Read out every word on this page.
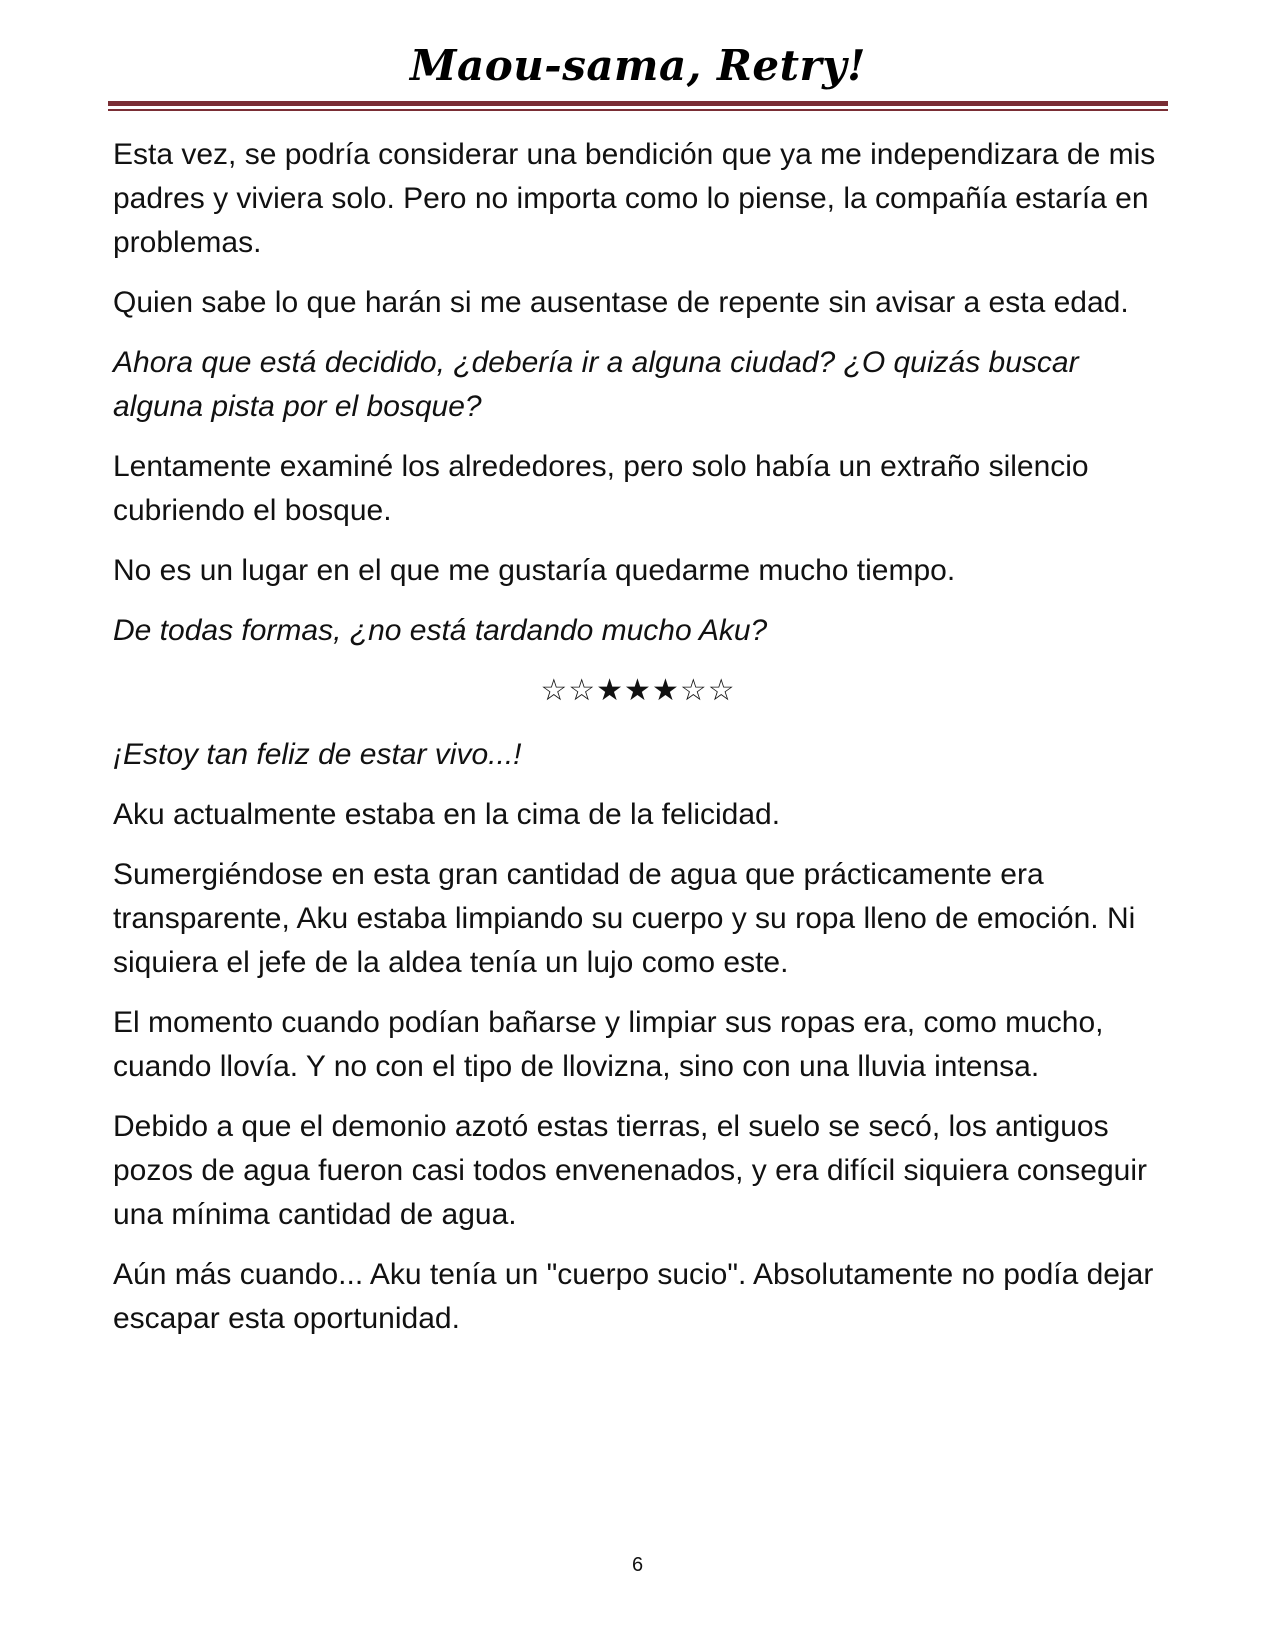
Maou-sama, Retry!

Esta vez, se podría considerar una bendición que ya me independizara de mis padres y viviera solo. Pero no importa como lo piense, la compañía estaría en problemas.

Quien sabe lo que harán si me ausentase de repente sin avisar a esta edad.

Ahora que está decidido, ¿debería ir a alguna ciudad? ¿O quizás buscar alguna pista por el bosque?

Lentamente examiné los alrededores, pero solo había un extraño silencio cubriendo el bosque.

No es un lugar en el que me gustaría quedarme mucho tiempo.

De todas formas, ¿no está tardando mucho Aku?

☆☆★★★☆☆

¡Estoy tan feliz de estar vivo...!

Aku actualmente estaba en la cima de la felicidad.

Sumergiéndose en esta gran cantidad de agua que prácticamente era transparente, Aku estaba limpiando su cuerpo y su ropa lleno de emoción. Ni siquiera el jefe de la aldea tenía un lujo como este.

El momento cuando podían bañarse y limpiar sus ropas era, como mucho, cuando llovía. Y no con el tipo de llovizna, sino con una lluvia intensa.

Debido a que el demonio azotó estas tierras, el suelo se secó, los antiguos pozos de agua fueron casi todos envenenados, y era difícil siquiera conseguir una mínima cantidad de agua.

Aún más cuando... Aku tenía un "cuerpo sucio". Absolutamente no podía dejar escapar esta oportunidad.

6
